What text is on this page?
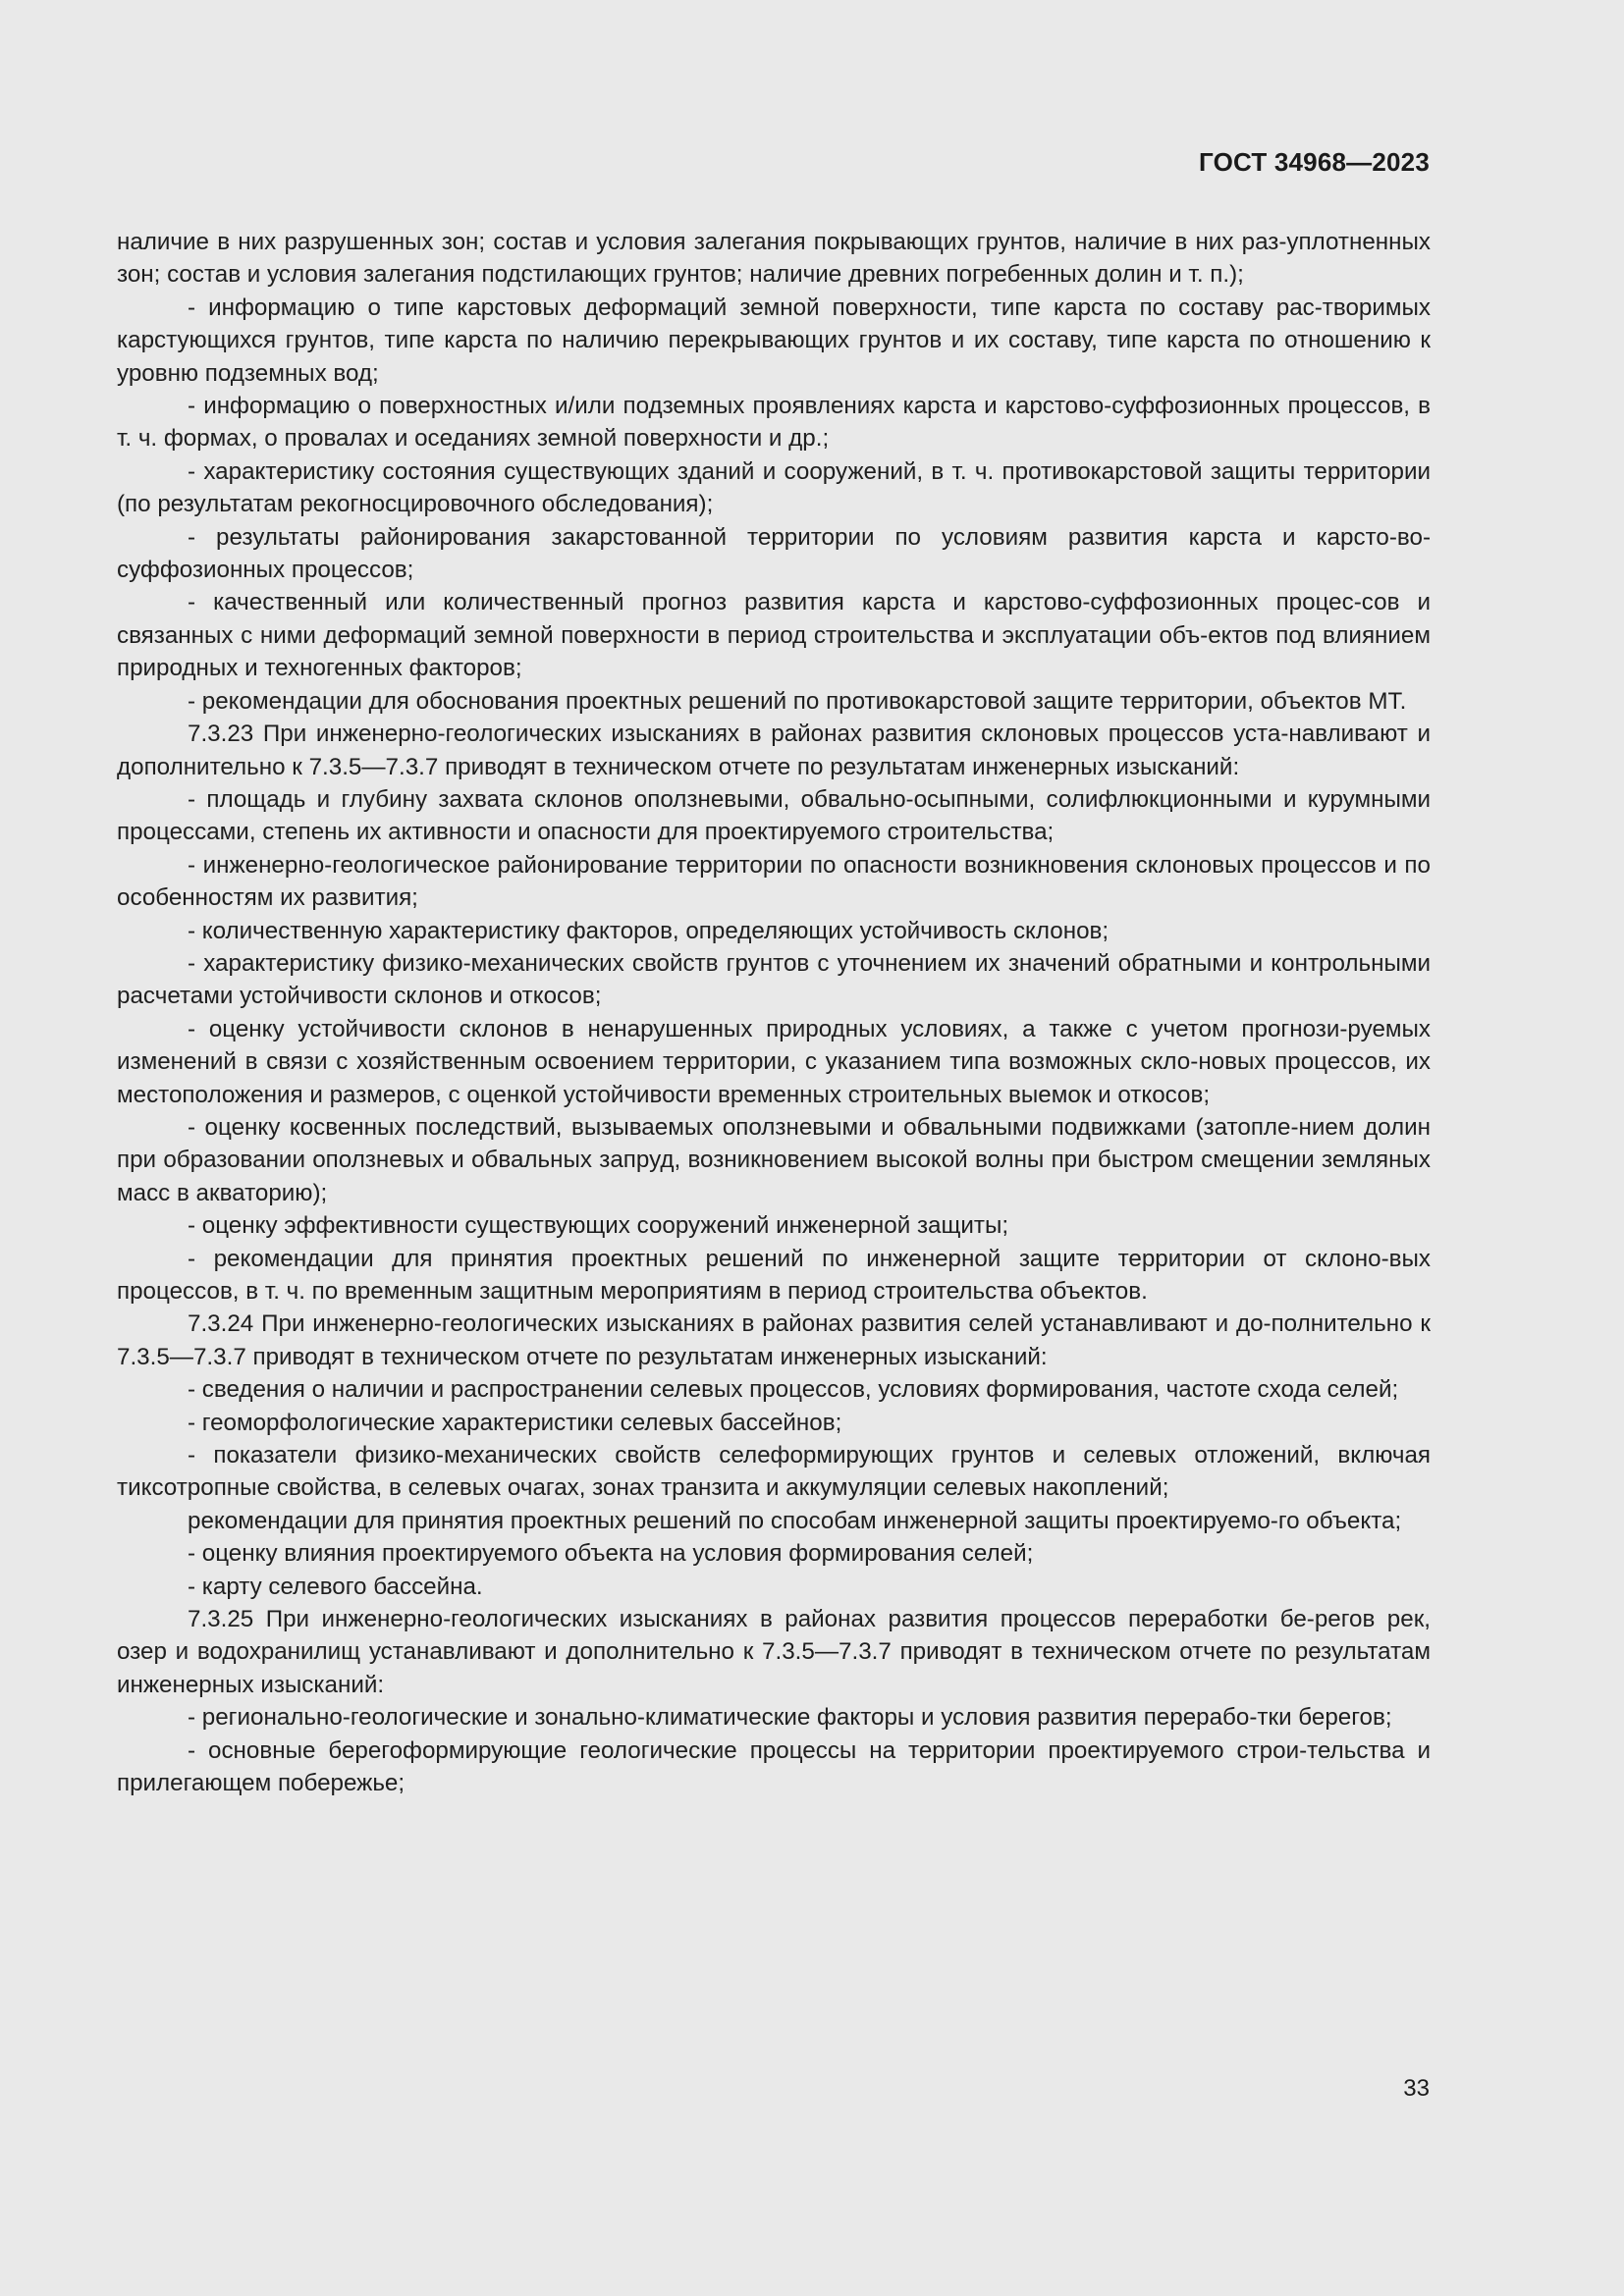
ГОСТ 34968—2023

наличие в них разрушенных зон; состав и условия залегания покрывающих грунтов, наличие в них раз-уплотненных зон; состав и условия залегания подстилающих грунтов; наличие древних погребенных долин и т. п.);

- информацию о типе карстовых деформаций земной поверхности, типе карста по составу рас-творимых карстующихся грунтов, типе карста по наличию перекрывающих грунтов и их составу, типе карста по отношению к уровню подземных вод;

- информацию о поверхностных и/или подземных проявлениях карста и карстово-суффозионных процессов, в т. ч. формах, о провалах и оседаниях земной поверхности и др.;

- характеристику состояния существующих зданий и сооружений, в т. ч. противокарстовой защиты территории (по результатам рекогносцировочного обследования);

- результаты районирования закарстованной территории по условиям развития карста и карсто-во-суффозионных процессов;

- качественный или количественный прогноз развития карста и карстово-суффозионных процес-сов и связанных с ними деформаций земной поверхности в период строительства и эксплуатации объ-ектов под влиянием природных и техногенных факторов;

- рекомендации для обоснования проектных решений по противокарстовой защите территории, объектов МТ.

7.3.23 При инженерно-геологических изысканиях в районах развития склоновых процессов уста-навливают и дополнительно к 7.3.5—7.3.7 приводят в техническом отчете по результатам инженерных изысканий:

- площадь и глубину захвата склонов оползневыми, обвально-осыпными, солифлюкционными и курумными процессами, степень их активности и опасности для проектируемого строительства;

- инженерно-геологическое районирование территории по опасности возникновения склоновых процессов и по особенностям их развития;

- количественную характеристику факторов, определяющих устойчивость склонов;

- характеристику физико-механических свойств грунтов с уточнением их значений обратными и контрольными расчетами устойчивости склонов и откосов;

- оценку устойчивости склонов в ненарушенных природных условиях, а также с учетом прогнози-руемых изменений в связи с хозяйственным освоением территории, с указанием типа возможных скло-новых процессов, их местоположения и размеров, с оценкой устойчивости временных строительных выемок и откосов;

- оценку косвенных последствий, вызываемых оползневыми и обвальными подвижками (затопле-нием долин при образовании оползневых и обвальных запруд, возникновением высокой волны при быстром смещении земляных масс в акваторию);

- оценку эффективности существующих сооружений инженерной защиты;

- рекомендации для принятия проектных решений по инженерной защите территории от склоно-вых процессов, в т. ч. по временным защитным мероприятиям в период строительства объектов.

7.3.24 При инженерно-геологических изысканиях в районах развития селей устанавливают и до-полнительно к 7.3.5—7.3.7 приводят в техническом отчете по результатам инженерных изысканий:

- сведения о наличии и распространении селевых процессов, условиях формирования, частоте схода селей;

- геоморфологические характеристики селевых бассейнов;

- показатели физико-механических свойств селеформирующих грунтов и селевых отложений, включая тиксотропные свойства, в селевых очагах, зонах транзита и аккумуляции селевых накоплений;

рекомендации для принятия проектных решений по способам инженерной защиты проектируемо-го объекта;

- оценку влияния проектируемого объекта на условия формирования селей;

- карту селевого бассейна.

7.3.25 При инженерно-геологических изысканиях в районах развития процессов переработки бе-регов рек, озер и водохранилищ устанавливают и дополнительно к 7.3.5—7.3.7 приводят в техническом отчете по результатам инженерных изысканий:

- регионально-геологические и зонально-климатические факторы и условия развития перерабо-тки берегов;

- основные берегоформирующие геологические процессы на территории проектируемого строи-тельства и прилегающем побережье;

33
